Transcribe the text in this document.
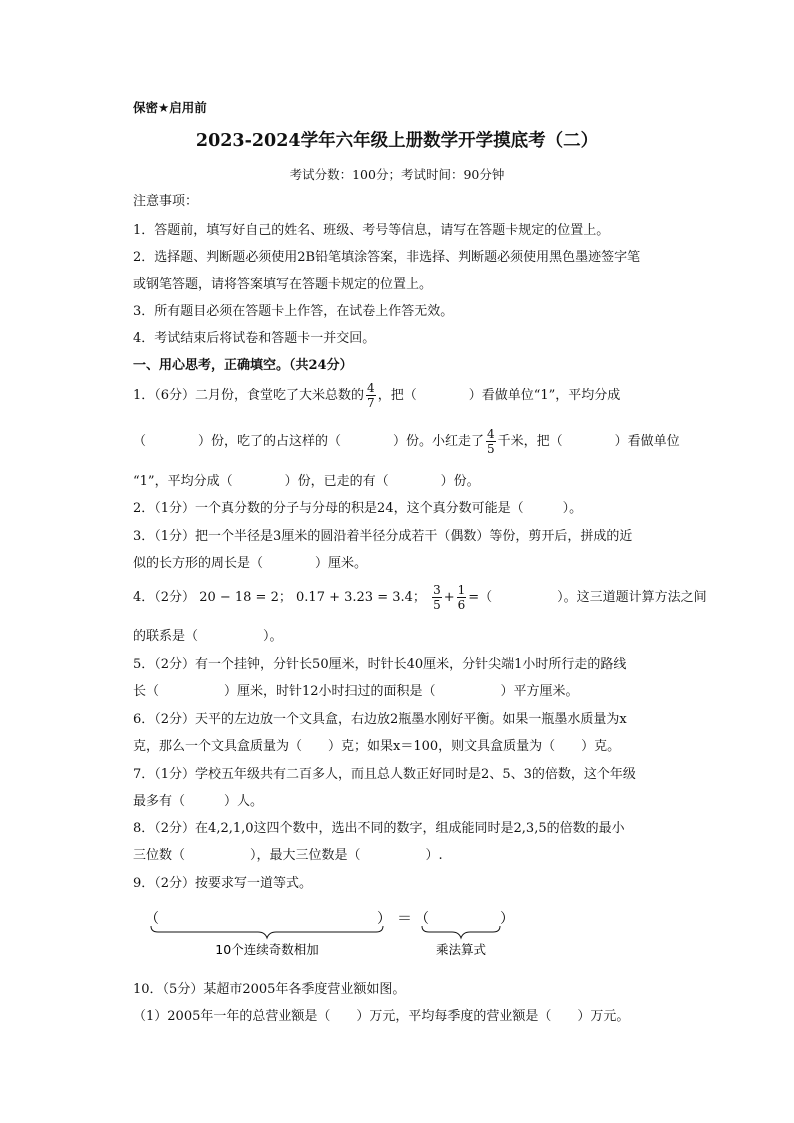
保密★启用前
2023-2024学年六年级上册数学开学摸底考（二）
考试分数：100分；考试时间：90分钟
注意事项：
1．答题前，填写好自己的姓名、班级、考号等信息，请写在答题卡规定的位置上。
2．选择题、判断题必须使用2B铅笔填涂答案，非选择、判断题必须使用黑色墨迹签字笔
或钢笔答题，请将答案填写在答题卡规定的位置上。
3．所有题目必须在答题卡上作答，在试卷上作答无效。
4．考试结束后将试卷和答题卡一并交回。
一、用心思考，正确填空。（共24分）
1．（6分）二月份，食堂吃了大米总数的 $\frac{4}{7}$ ，把（　　　　）看做单位“1”，平均分成
（　　　　）份，吃了的占这样的（　　　　）份。小红走了 $\frac{4}{5}$ 千米，把（　　　　）看做单位
“1”，平均分成（　　　　）份，已走的有（　　　　）份。
2．（1分）一个真分数的分子与分母的积是24，这个真分数可能是（　　　）。
3．（1分）把一个半径是3厘米的圆沿着半径分成若干（偶数）等份，剪开后，拼成的近
似的长方形的周长是（　　　　）厘米。
4．（2分） 20 − 18 = 2； 0.17 + 3.23 = 3.4； $\frac{3}{5} + \frac{1}{6}$ =（　　　　　）。这三道题计算方法之间
的联系是（　　　　　）。
5．（2分）有一个挂钟，分针长50厘米，时针长40厘米，分针尖端1小时所行走的路线
长（　　　　　）厘米，时针12小时扫过的面积是（　　　　　）平方厘米。
6．（2分）天平的左边放一个文具盒，右边放2瓶墨水刚好平衡。如果一瓶墨水质量为x
克，那么一个文具盒质量为（　　）克；如果x＝100，则文具盒质量为（　　）克。
7．（1分）学校五年级共有二百多人，而且总人数正好同时是2、5、3的倍数，这个年级
最多有（　　　）人。
8．（2分）在4,2,1,0这四个数中，选出不同的数字，组成能同时是2,3,5的倍数的最小
三位数（　　　　　），最大三位数是（　　　　　）.
9．（2分）按要求写一道等式。
（	） ＝ （	）
10个连续奇数相加	乘法算式
10．（5分）某超市2005年各季度营业额如图。
（1）2005年一年的总营业额是（　　）万元，平均每季度的营业额是（　　）万元。
